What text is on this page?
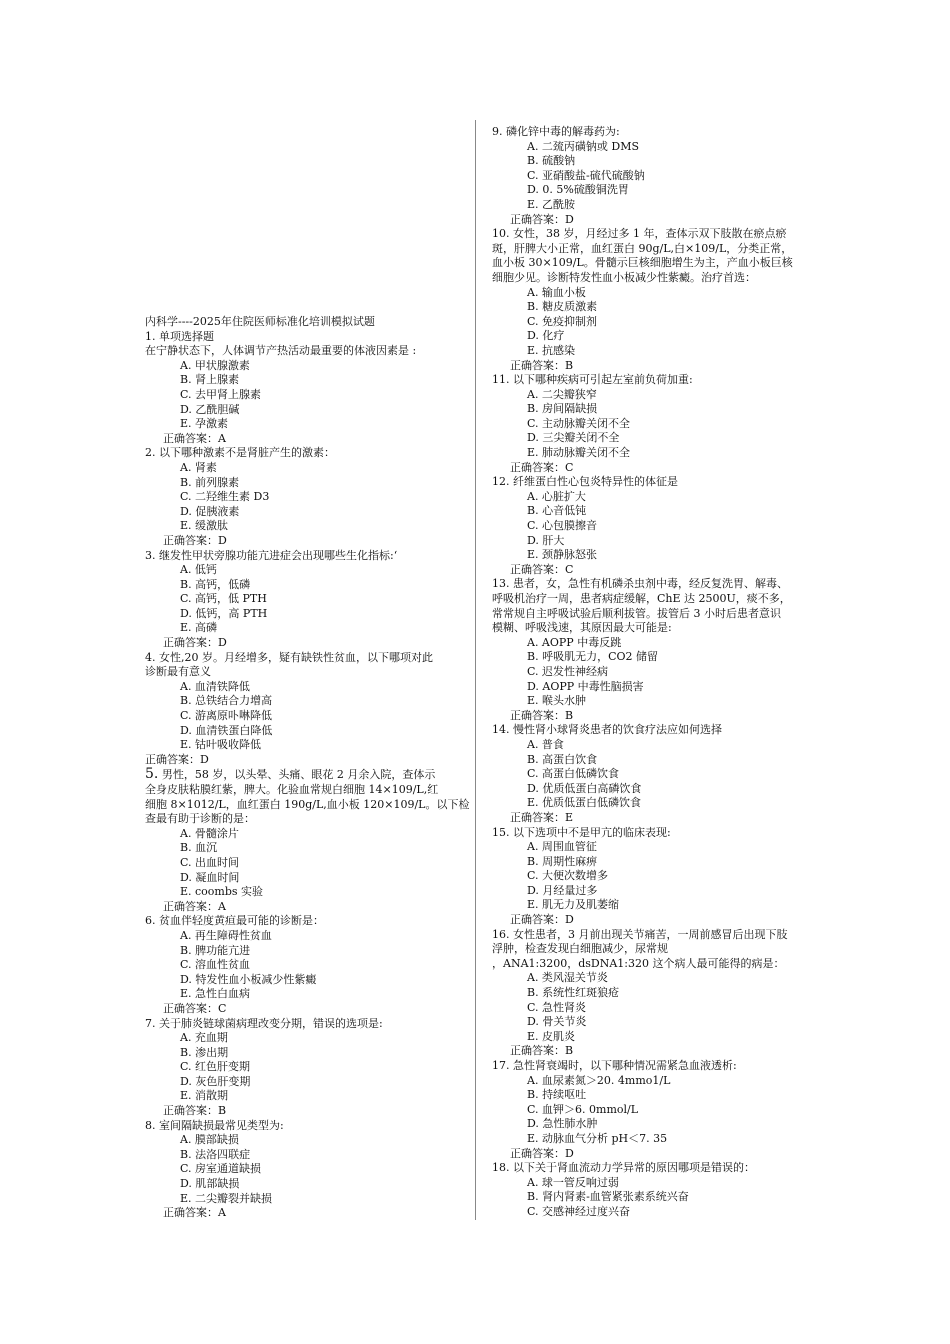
内科学----2025年住院医师标准化培训模拟试题
1. 单项选择题
在宁静状态下，人体调节产热活动最重要的体液因素是 :
A. 甲状腺激素
B. 肾上腺素
C. 去甲肾上腺素
D. 乙酰胆碱
E. 孕激素
正确答案：A
2. 以下哪种激素不是肾脏产生的激素：
A. 肾素
B. 前列腺素
C. 二羟维生素 D3
D. 促胰液素
E. 缓激肽
正确答案：D
3. 继发性甲状旁腺功能亢进症会出现哪些生化指标:‘
A. 低钙
B. 高钙，低磷
C. 高钙，低 PTH
D. 低钙，高 PTH
E. 高磷
正确答案：D
4. 女性,20 岁。月经增多，疑有缺铁性贫血，以下哪项对此
诊断最有意义
A. 血清铁降低
B. 总铁结合力增高
C. 游离原卟啉降低
D. 血清铁蛋白降低
E. 钴叶吸收降低
正确答案：D
5. 男性，58 岁，以头晕、头痛、眼花 2 月余入院，查体示
全身皮肤粘膜红紫，脾大。化验血常规白细胞 14×109/L,红
细胞 8×1012/L，血红蛋白 190g/L,血小板 120×109/L。以下检
查最有助于诊断的是：
A. 骨髓涂片
B. 血沉
C. 出血时间
D. 凝血时间
E. coombs 实验
正确答案：A
6. 贫血伴轻度黄疸最可能的诊断是：
A. 再生障碍性贫血
B. 脾功能亢进
C. 溶血性贫血
D. 特发性血小板减少性紫癜
E. 急性白血病
正确答案：C
7. 关于肺炎链球菌病理改变分期，错误的选项是:
A. 充血期
B. 渗出期
C. 红色肝变期
D. 灰色肝变期
E. 消散期
正确答案：B
8. 室间隔缺损最常见类型为:
A. 膜部缺损
B. 法洛四联症
C. 房室通道缺损
D. 肌部缺损
E. 二尖瓣裂并缺损
正确答案：A
9. 磷化锌中毒的解毒药为:
A. 二巯丙磺钠或 DMS
B. 硫酸钠
C. 亚硝酸盐-硫代硫酸钠
D. 0. 5%硫酸铜洗胃
E. 乙酰胺
正确答案：D
10. 女性，38 岁，月经过多 1 年，查体示双下肢散在瘀点瘀
斑，肝脾大小正常，血红蛋白 90g/L,白×109/L，分类正常，
血小板 30×109/L。骨髓示巨核细胞增生为主，产血小板巨核
细胞少见。诊断特发性血小板减少性紫癜。治疗首选：
A. 输血小板
B. 糖皮质激素
C. 免疫抑制剂
D. 化疗
E. 抗感染
正确答案：B
11. 以下哪种疾病可引起左室前负荷加重:
A. 二尖瓣狭窄
B. 房间隔缺损
C. 主动脉瓣关闭不全
D. 三尖瓣关闭不全
E. 肺动脉瓣关闭不全
正确答案：C
12. 纤维蛋白性心包炎特异性的体征是
A. 心脏扩大
B. 心音低钝
C. 心包膜擦音
D. 肝大
E. 颈静脉怒张
正确答案：C
13. 患者，女，急性有机磷杀虫剂中毒，经反复洗胃、解毒、
呼吸机治疗一周，患者病症缓解，ChE 达 2500U，痰不多，
常常规自主呼吸试验后顺利拔管。拔管后 3 小时后患者意识
模糊、呼吸浅速，其原因最大可能是:
A. AOPP 中毒反跳
B. 呼吸肌无力，CO2 储留
C. 迟发性神经病
D. AOPP 中毒性脑损害
E. 喉头水肿
正确答案：B
14. 慢性肾小球肾炎患者的饮食疗法应如何选择
A. 普食
B. 高蛋白饮食
C. 高蛋白低磷饮食
D. 优质低蛋白高磷饮食
E. 优质低蛋白低磷饮食
正确答案：E
15. 以下选项中不是甲亢的临床表现:
A. 周围血管征
B. 周期性麻痹
C. 大便次数增多
D. 月经量过多
E. 肌无力及肌萎缩
正确答案：D
16. 女性患者，3 月前出现关节痛苦，一周前感冒后出现下肢
浮肿，检查发现白细胞减少，尿常规
，ANA1:3200，dsDNA1:320 这个病人最可能得的病是：
A. 类风湿关节炎
B. 系统性红斑狼疮
C. 急性肾炎
D. 骨关节炎
E. 皮肌炎
正确答案：B
17. 急性肾衰竭时，以下哪种情况需紧急血液透析:
A. 血尿素氮＞20. 4mmo1/L
B. 持续呕吐
C. 血钾＞6. 0mmol/L
D. 急性肺水肿
E. 动脉血气分析 pH＜7. 35
正确答案：D
18. 以下关于肾血流动力学异常的原因哪项是错误的：
A. 球一管反响过弱
B. 肾内肾素-血管紧张素系统兴奋
C. 交感神经过度兴奋
